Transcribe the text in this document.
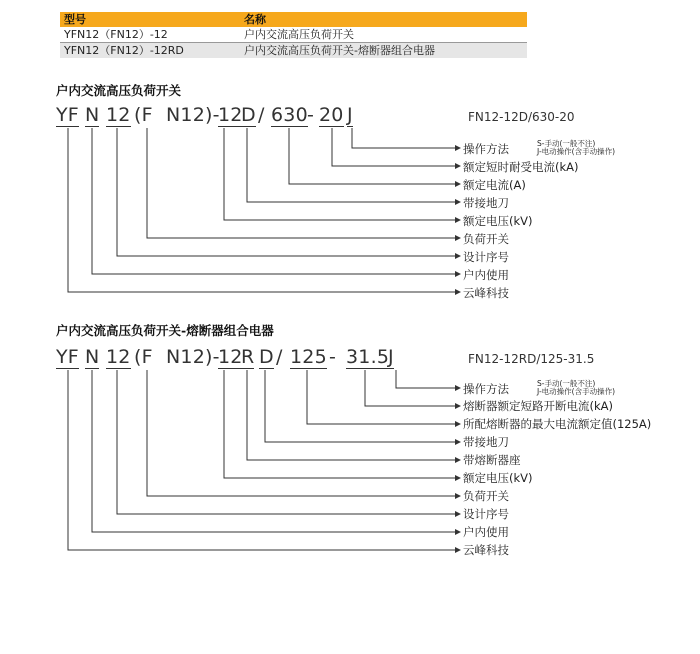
型号	名称
YFN12（FN12）-12	户内交流高压负荷开关
YFN12（FN12）-12RD	户内交流高压负荷开关-熔断器组合电器
户内交流高压负荷开关

YF

N

12

(F

N12)-

12

D

/

630

-

20

J	FN12-12D/630-20
操作方法	S-手动(一般不注)
J-电动操作(含手动操作)
额定短时耐受电流(kA)
额定电流(A)
带接地刀
额定电压(kV)
负荷开关
设计序号
户内使用
云峰科技
户内交流高压负荷开关-熔断器组合电器

YF

N

12

(F

N12)-

12

R

D

/

125

-

31.5

J	FN12-12RD/125-31.5
操作方法	S-手动(一般不注)
J-电动操作(含手动操作)
熔断器额定短路开断电流(kA)
所配熔断器的最大电流额定值(125A)
带接地刀
带熔断器座
额定电压(kV)
负荷开关
设计序号
户内使用
云峰科技
